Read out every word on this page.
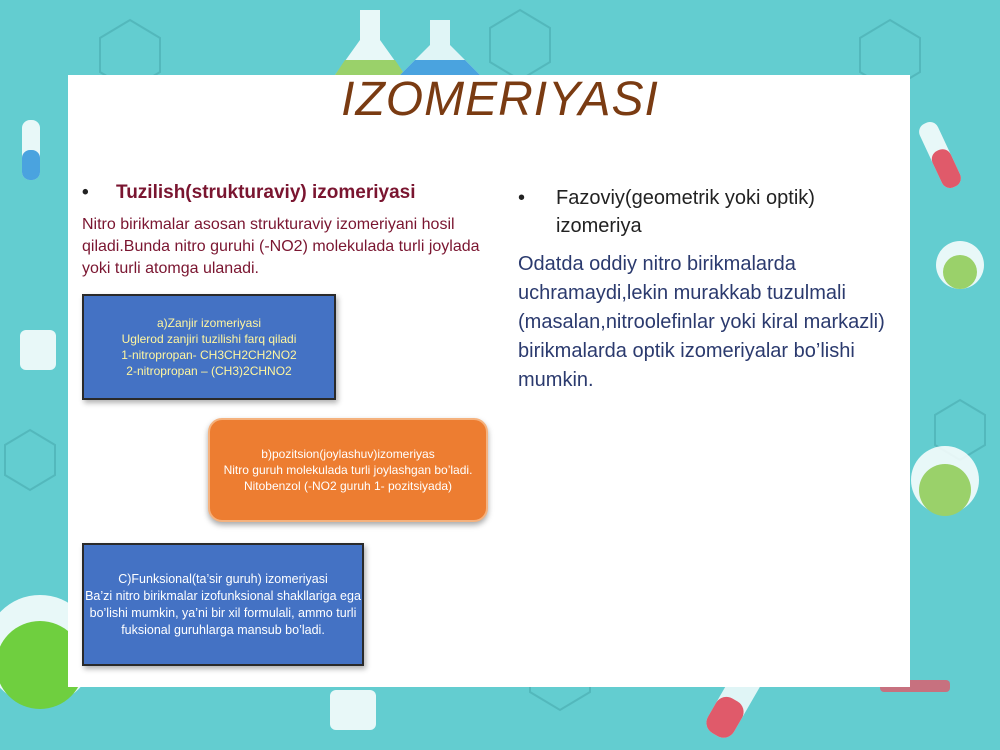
IZOMERIYASI
• Tuzilish(strukturaviy) izomeriyasi
Nitro birikmalar asosan strukturaviy izomeriyani hosil qiladi.Bunda nitro guruhi (-NO2) molekulada turli joylada yoki turli atomga ulanadi.
• Fazoviy(geometrik yoki optik) izomeriya
Odatda oddiy nitro birikmalarda uchramaydi,lekin murakkab tuzulmali (masalan,nitroolefinlar yoki kiral markazli) birikmalarda optik izomeriyalar bo’lishi mumkin.
a)Zanjir izomeriyasi
Uglerod zanjiri tuzilishi farq qiladi
1-nitropropan- CH3CH2CH2NO2
2-nitropropan – (CH3)2CHNO2
b)pozitsion(joylashuv)izomeriyas
Nitro guruh molekulada turli joylashgan bo’ladi.
Nitobenzol (-NO2 guruh 1- pozitsiyada)
C)Funksional(ta’sir guruh) izomeriyasi
Ba’zi nitro birikmalar izofunksional shakllariga ega bo’lishi mumkin, ya’ni bir xil formulali, ammo turli fuksional guruhlarga mansub bo’ladi.
